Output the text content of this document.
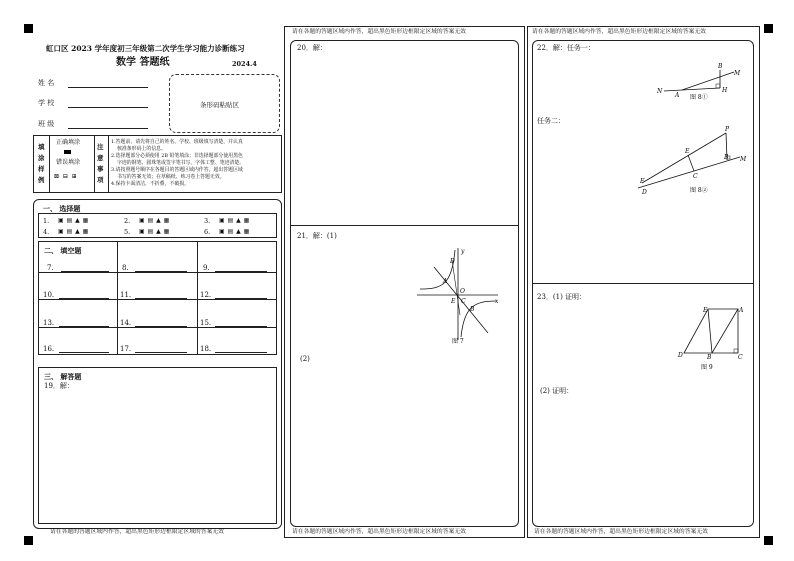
虹口区 2023 学年度初三年级第二次学生学习能力诊断练习
数学 答题纸	2024.4
姓 名
学 校
班 级
条形码粘贴区
填涂样例
正确填涂
错误填涂
⊠ ⊟ ⊞
注意事项
1.答题前，请先将自己的姓名、学校、班级填写清楚，并认真
核准条形码上的信息。
2.选择题部分必须使用 2B 铅笔填涂；非选择题部分使用黑色
字迹的钢笔、圆珠笔或签字笔书写，字体工整、笔迹清楚。
3.请按照题号顺序在各题目的答题区域内作答，超出答题区域
书写的答案无效；在草稿纸、练习卷上答题无效。
4.保持卡面清洁，不折叠，不破损。
一、 选择题
1. ▣ ▤ ▲ ▦	2. ▣ ▤ ▲ ▦	3. ▣ ▤ ▲ ▦
4. ▣ ▤ ▲ ▦	5. ▣ ▤ ▲ ▦	6. ▣ ▤ ▲ ▦
二、 填空题
7.	8.	9.
10.	11.	12.
13.	14.	15.
16.	17.	18.
三、 解答题
19．解：
请在各题的答题区域内作答，超出黑色矩形边框限定区域的答案无效
请在各题的答题区域内作答，超出黑色矩形边框限定区域的答案无效
20．解：
21．解：(1)
(2)
y
x
O
D
A
E C
B
图 7
请在各题的答题区域内作答，超出黑色矩形边框限定区域的答案无效
请在各题的答题区域内作答，超出黑色矩形边框限定区域的答案无效
22．解：任务一：
N
A
B
M
H
图 8①
任务二：
P
E
C
F
D
B M
图 8②
23．(1) 证明：
E	A
D	B	C
图 9
(2) 证明：
请在各题的答题区域内作答，超出黑色矩形边框限定区域的答案无效
